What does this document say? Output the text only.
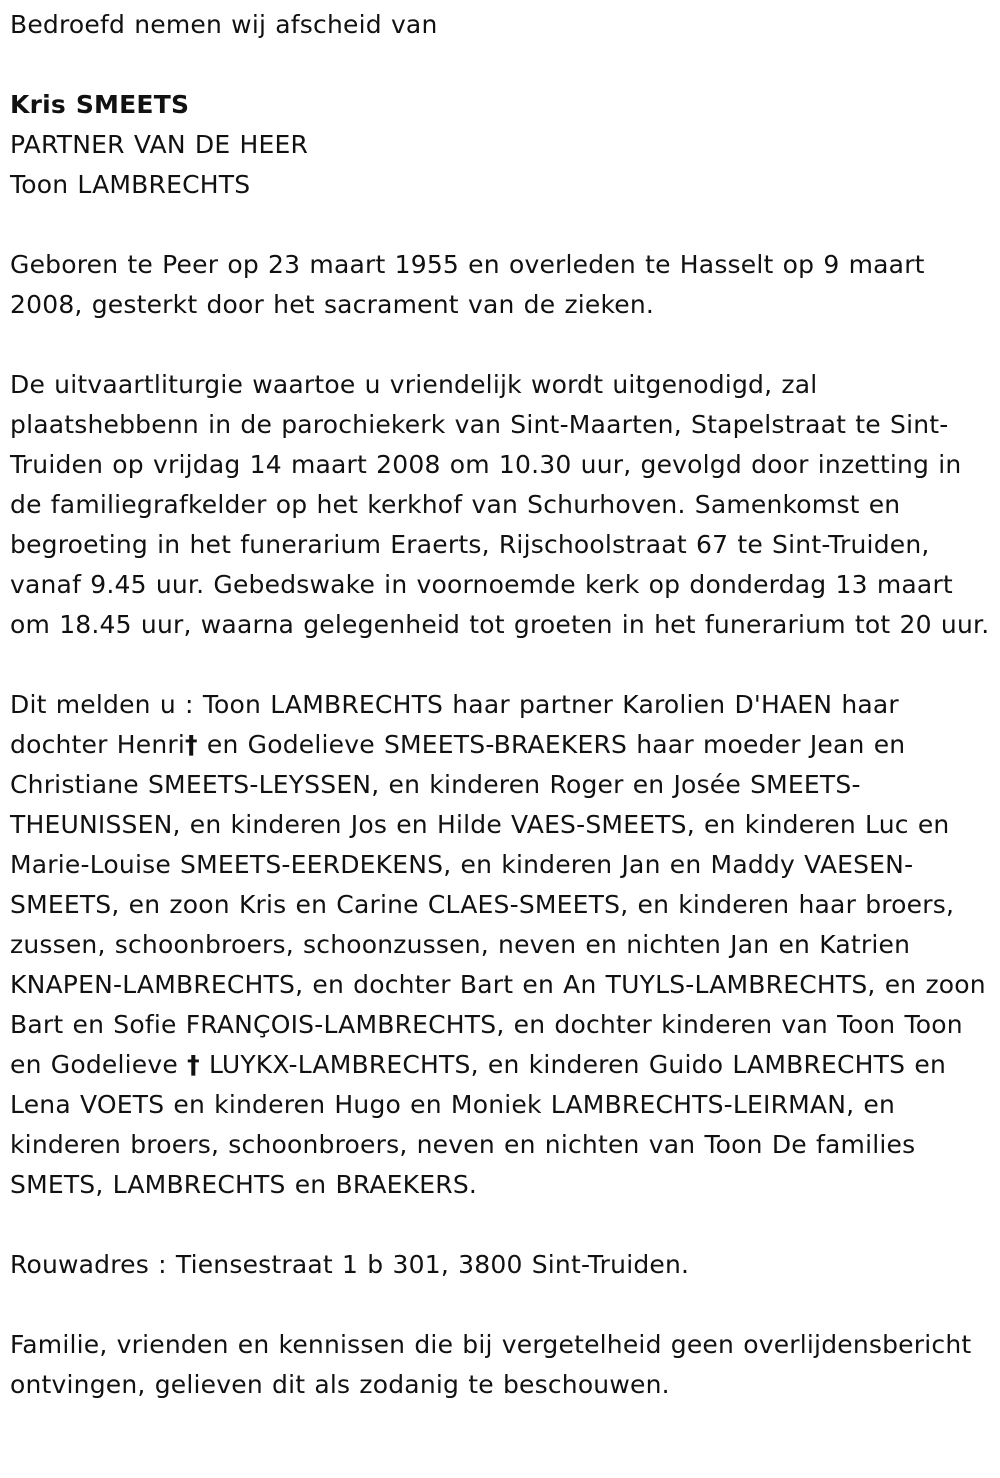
Bedroefd nemen wij afscheid van

Kris SMEETS

PARTNER VAN DE HEER

Toon LAMBRECHTS

Geboren te Peer op 23 maart 1955 en overleden te Hasselt op 9 maart 2008, gesterkt door het sacrament van de zieken.

De uitvaartliturgie waartoe u vriendelijk wordt uitgenodigd, zal plaatshebbenn in de parochiekerk van Sint-Maarten, Stapelstraat te Sint-Truiden op vrijdag 14 maart 2008 om 10.30 uur, gevolgd door inzetting in de familiegrafkelder op het kerkhof van Schurhoven. Samenkomst en begroeting in het funerarium Eraerts, Rijschoolstraat 67 te Sint-Truiden, vanaf 9.45 uur. Gebedswake in voornoemde kerk op donderdag 13 maart om 18.45 uur, waarna gelegenheid tot groeten in het funerarium tot 20 uur.

Dit melden u : Toon LAMBRECHTS haar partner Karolien D'HAEN haar dochter Henri† en Godelieve SMEETS-BRAEKERS haar moeder Jean en Christiane SMEETS-LEYSSEN, en kinderen Roger en Josée SMEETS-THEUNISSEN, en kinderen Jos en Hilde VAES-SMEETS, en kinderen Luc en Marie-Louise SMEETS-EERDEKENS, en kinderen Jan en Maddy VAESEN-SMEETS, en zoon Kris en Carine CLAES-SMEETS, en kinderen haar broers, zussen, schoonbroers, schoonzussen, neven en nichten Jan en Katrien KNAPEN-LAMBRECHTS, en dochter Bart en An TUYLS-LAMBRECHTS, en zoon Bart en Sofie FRANÇOIS-LAMBRECHTS, en dochter kinderen van Toon Toon en Godelieve † LUYKX-LAMBRECHTS, en kinderen Guido LAMBRECHTS en Lena VOETS en kinderen Hugo en Moniek LAMBRECHTS-LEIRMAN, en kinderen broers, schoonbroers, neven en nichten van Toon De families SMETS, LAMBRECHTS en BRAEKERS.

Rouwadres : Tiensestraat 1 b 301, 3800 Sint-Truiden.

Familie, vrienden en kennissen die bij vergetelheid geen overlijdensbericht ontvingen, gelieven dit als zodanig te beschouwen.
